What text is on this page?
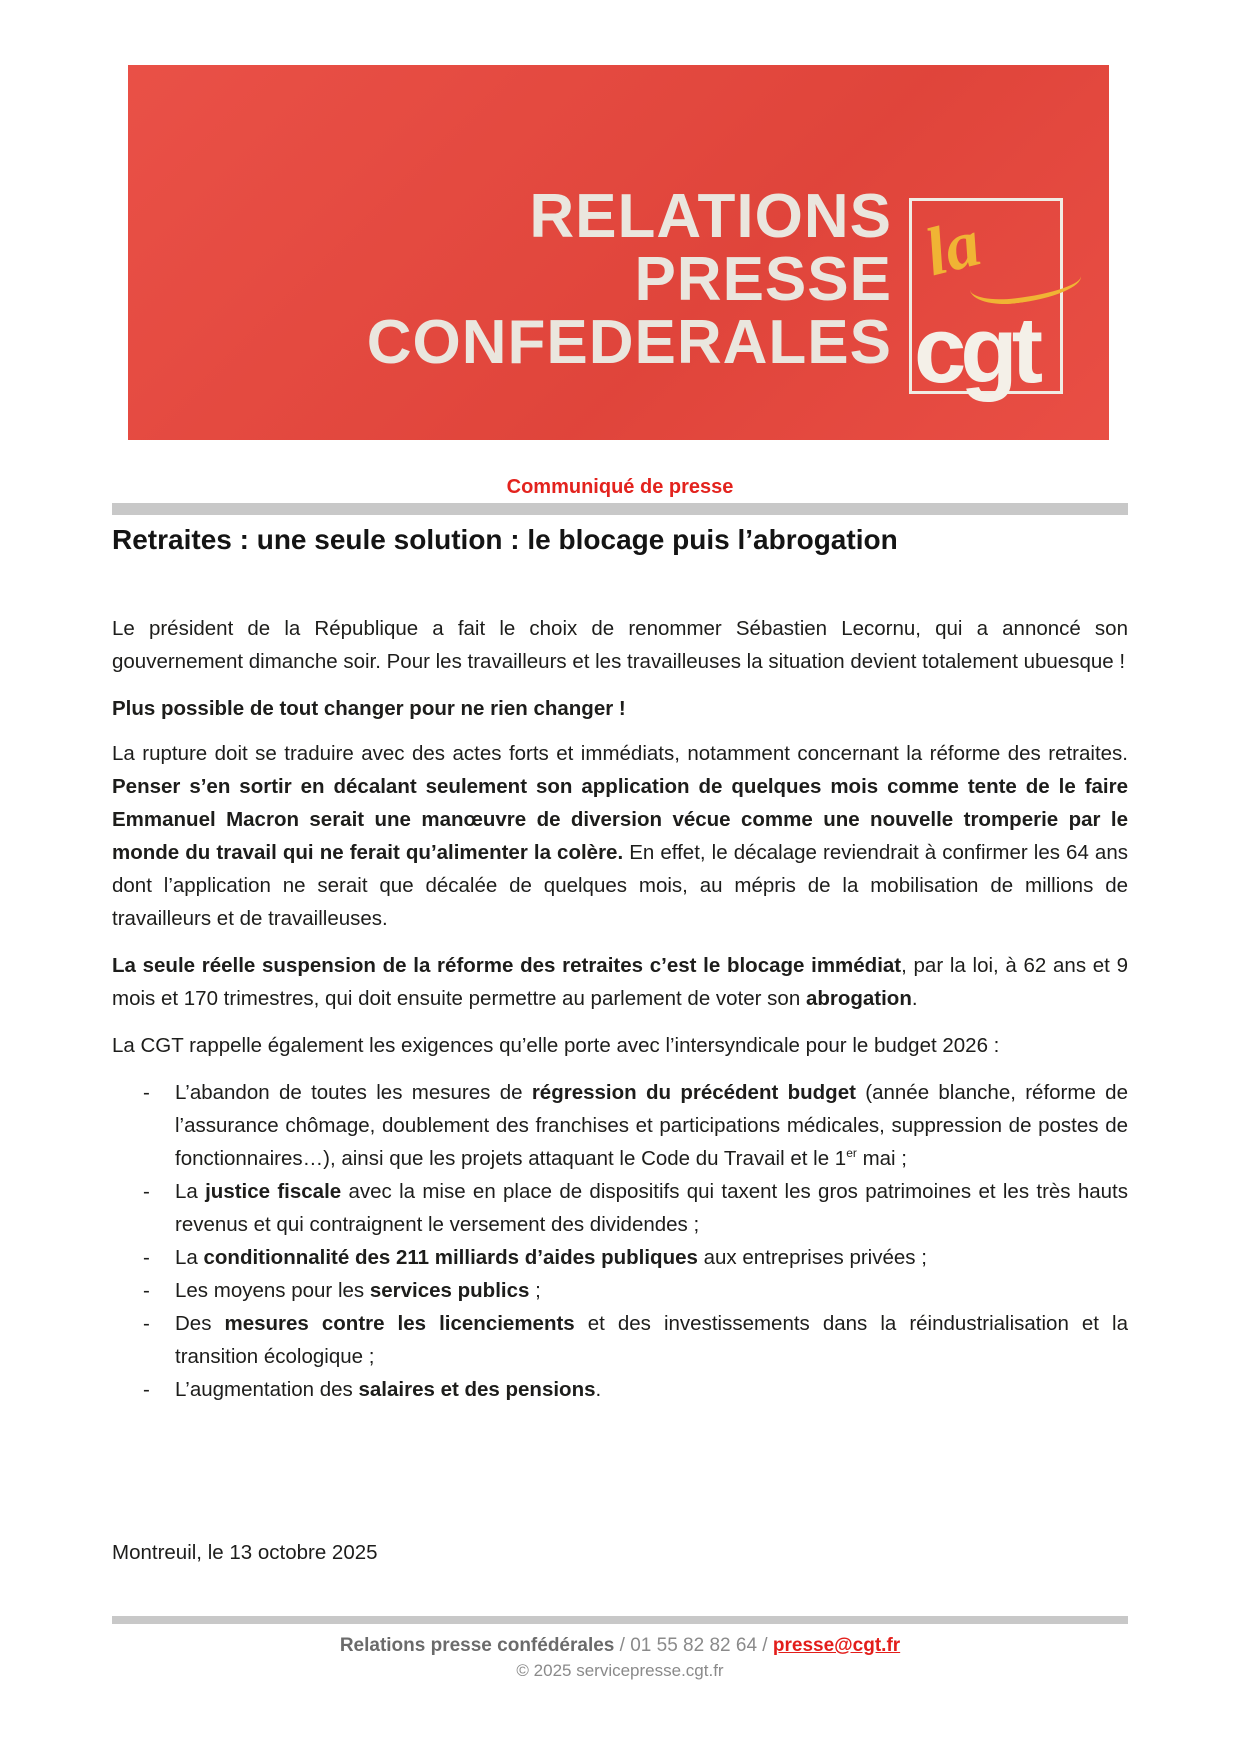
RELATIONS
PRESSE
CONFEDERALES
la
cgt
Communiqué de presse
Retraites : une seule solution : le blocage puis l’abrogation
Le président de la République a fait le choix de renommer Sébastien Lecornu, qui a annoncé son gouvernement dimanche soir. Pour les travailleurs et les travailleuses la situation devient totalement ubuesque !
Plus possible de tout changer pour ne rien changer !
La rupture doit se traduire avec des actes forts et immédiats, notamment concernant la réforme des retraites. Penser s’en sortir en décalant seulement son application de quelques mois comme tente de le faire Emmanuel Macron serait une manœuvre de diversion vécue comme une nouvelle tromperie par le monde du travail qui ne ferait qu’alimenter la colère. En effet, le décalage reviendrait à confirmer les 64 ans dont l’application ne serait que décalée de quelques mois, au mépris de la mobilisation de millions de travailleurs et de travailleuses.
La seule réelle suspension de la réforme des retraites c’est le blocage immédiat, par la loi, à 62 ans et 9 mois et 170 trimestres, qui doit ensuite permettre au parlement de voter son abrogation.
La CGT rappelle également les exigences qu’elle porte avec l’intersyndicale pour le budget 2026 :
-	L’abandon de toutes les mesures de régression du précédent budget (année blanche, réforme de l’assurance chômage, doublement des franchises et participations médicales, suppression de postes de fonctionnaires…), ainsi que les projets attaquant le Code du Travail et le 1er mai ;
-	La justice fiscale avec la mise en place de dispositifs qui taxent les gros patrimoines et les très hauts revenus et qui contraignent le versement des dividendes ;
-	La conditionnalité des 211 milliards d’aides publiques aux entreprises privées ;
-	Les moyens pour les services publics ;
-	Des mesures contre les licenciements et des investissements dans la réindustrialisation et la transition écologique ;
-	L’augmentation des salaires et des pensions.
Montreuil, le 13 octobre 2025
Relations presse confédérales / 01 55 82 82 64 / presse@cgt.fr
© 2025 servicepresse.cgt.fr
